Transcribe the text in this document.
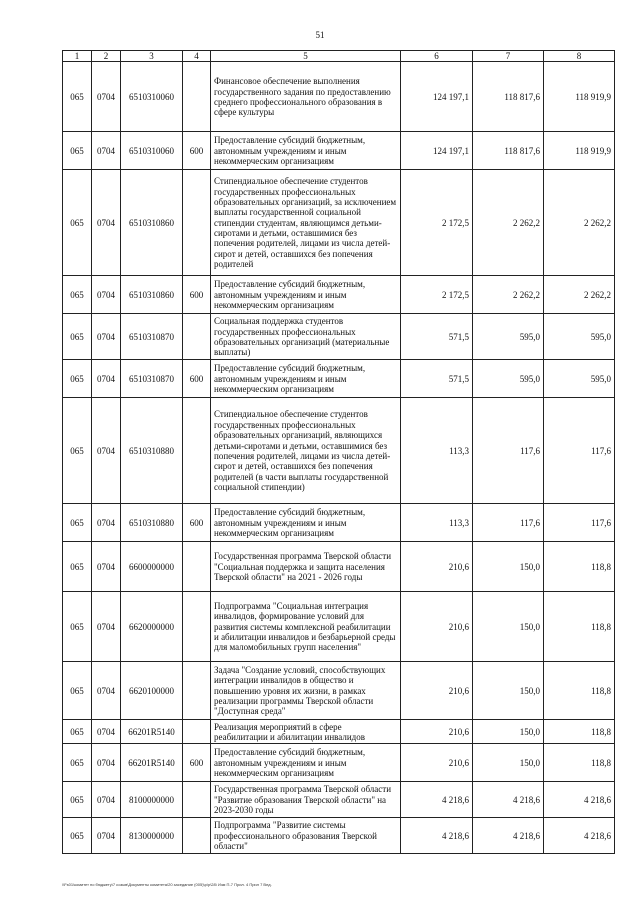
51
1	2	3	4	5	6	7	8
065	0704	6510310060		Финансовое обеспечение выполнения государственного задания по предоставлению среднего профессионального образования в сфере культуры	124 197,1	118 817,6	118 919,9
065	0704	6510310060	600	Предоставление субсидий бюджетным, автономным учреждениям и иным некоммерческим организациям	124 197,1	118 817,6	118 919,9
065	0704	6510310860		Стипендиальное обеспечение студентов государственных профессиональных образовательных организаций, за исключением выплаты государственной социальной стипендии студентам, являющимся детьми-сиротами и детьми, оставшимися без попечения родителей, лицами из числа детей-сирот и детей, оставшихся без попечения родителей	2 172,5	2 262,2	2 262,2
065	0704	6510310860	600	Предоставление субсидий бюджетным, автономным учреждениям и иным некоммерческим организациям	2 172,5	2 262,2	2 262,2
065	0704	6510310870		Социальная поддержка студентов государственных профессиональных образовательных организаций (материальные выплаты)	571,5	595,0	595,0
065	0704	6510310870	600	Предоставление субсидий бюджетным, автономным учреждениям и иным некоммерческим организациям	571,5	595,0	595,0
065	0704	6510310880		Стипендиальное обеспечение студентов государственных профессиональных образовательных организаций, являющихся детьми-сиротами и детьми, оставшимися без попечения родителей, лицами из числа детей-сирот и детей, оставшихся без попечения родителей (в части выплаты государственной социальной стипендии)	113,3	117,6	117,6
065	0704	6510310880	600	Предоставление субсидий бюджетным, автономным учреждениям и иным некоммерческим организациям	113,3	117,6	117,6
065	0704	6600000000		Государственная программа Тверской области "Социальная поддержка и защита населения Тверской области" на 2021 - 2026 годы	210,6	150,0	118,8
065	0704	6620000000		Подпрограмма "Социальная интеграция инвалидов, формирование условий для развития системы комплексной реабилитации и абилитации инвалидов и безбарьерной среды для маломобильных групп населения"	210,6	150,0	118,8
065	0704	6620100000		Задача "Создание условий, способствующих интеграции инвалидов в общество и повышению уровня их жизни, в рамках реализации программы Тверской области "Доступная среда"	210,6	150,0	118,8
065	0704	66201R5140		Реализация мероприятий в сфере реабилитации и абилитации инвалидов	210,6	150,0	118,8
065	0704	66201R5140	600	Предоставление субсидий бюджетным, автономным учреждениям и иным некоммерческим организациям	210,6	150,0	118,8
065	0704	8100000000		Государственная программа Тверской области "Развитие образования Тверской области" на 2023-2030 годы	4 218,6	4 218,6	4 218,6
065	0704	8130000000		Подпрограмма "Развитие системы профессионального образования Тверской области"	4 218,6	4 218,6	4 218,6
\\Fs01\комитет по бюджету\7 созыв\Документы комитета\20 заседание (005)\р\р\28\ Изм П-7 Прил. 4 Прил 7 Вед.
